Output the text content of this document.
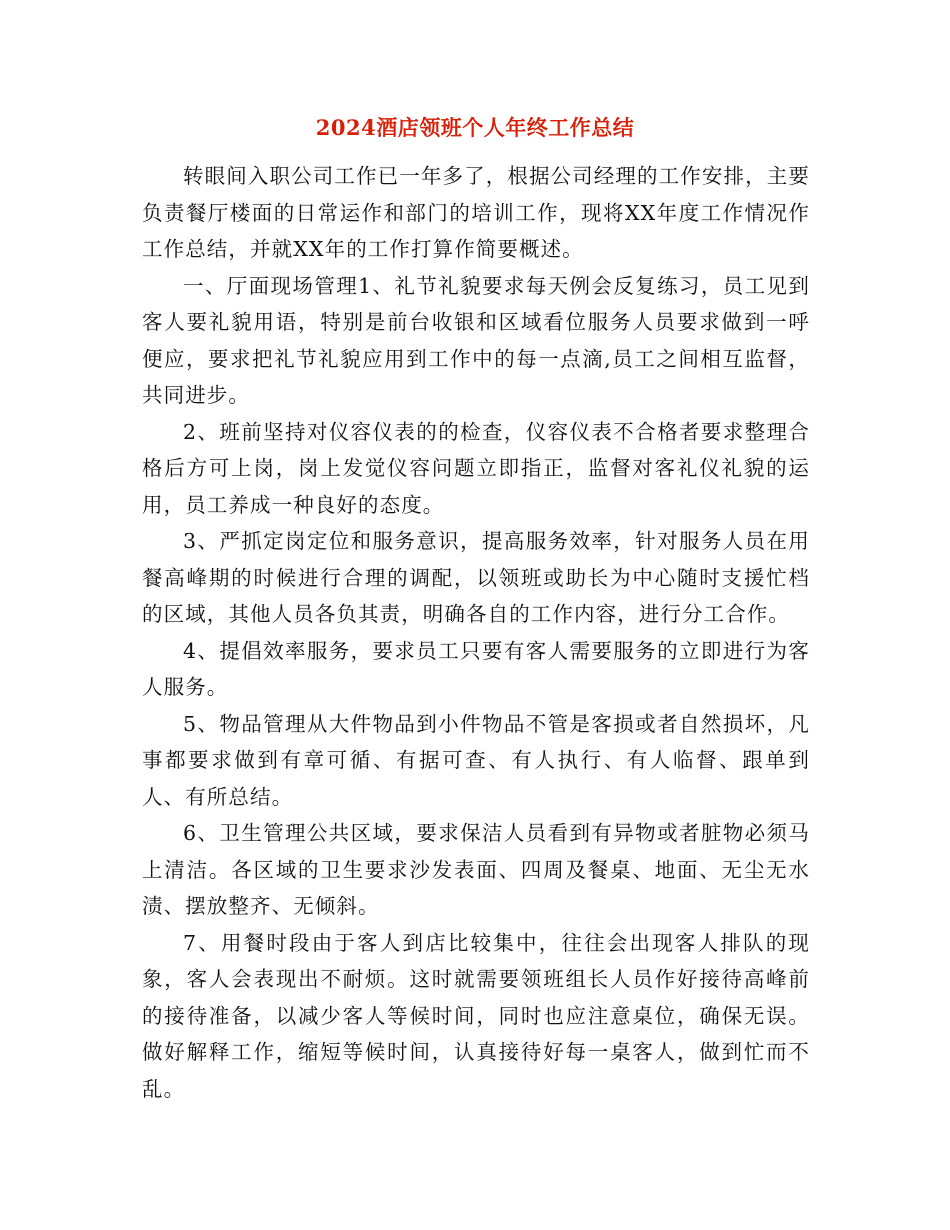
2024酒店领班个人年终工作总结

转眼间入职公司工作已一年多了，根据公司经理的工作安排，主要负责餐厅楼面的日常运作和部门的培训工作，现将XX年度工作情况作工作总结，并就XX年的工作打算作简要概述。

一、厅面现场管理1、礼节礼貌要求每天例会反复练习，员工见到客人要礼貌用语，特别是前台收银和区域看位服务人员要求做到一呼便应，要求把礼节礼貌应用到工作中的每一点滴,员工之间相互监督，共同进步。

2、班前坚持对仪容仪表的的检查，仪容仪表不合格者要求整理合格后方可上岗，岗上发觉仪容问题立即指正，监督对客礼仪礼貌的运用，员工养成一种良好的态度。

3、严抓定岗定位和服务意识，提高服务效率，针对服务人员在用餐高峰期的时候进行合理的调配，以领班或助长为中心随时支援忙档的区域，其他人员各负其责，明确各自的工作内容，进行分工合作。

4、提倡效率服务，要求员工只要有客人需要服务的立即进行为客人服务。

5、物品管理从大件物品到小件物品不管是客损或者自然损坏，凡事都要求做到有章可循、有据可查、有人执行、有人临督、跟单到人、有所总结。

6、卫生管理公共区域，要求保洁人员看到有异物或者脏物必须马上清洁。各区域的卫生要求沙发表面、四周及餐桌、地面、无尘无水渍、摆放整齐、无倾斜。

7、用餐时段由于客人到店比较集中，往往会出现客人排队的现象，客人会表现出不耐烦。这时就需要领班组长人员作好接待高峰前的接待准备，以减少客人等候时间，同时也应注意桌位，确保无误。做好解释工作，缩短等候时间，认真接待好每一桌客人，做到忙而不乱。
